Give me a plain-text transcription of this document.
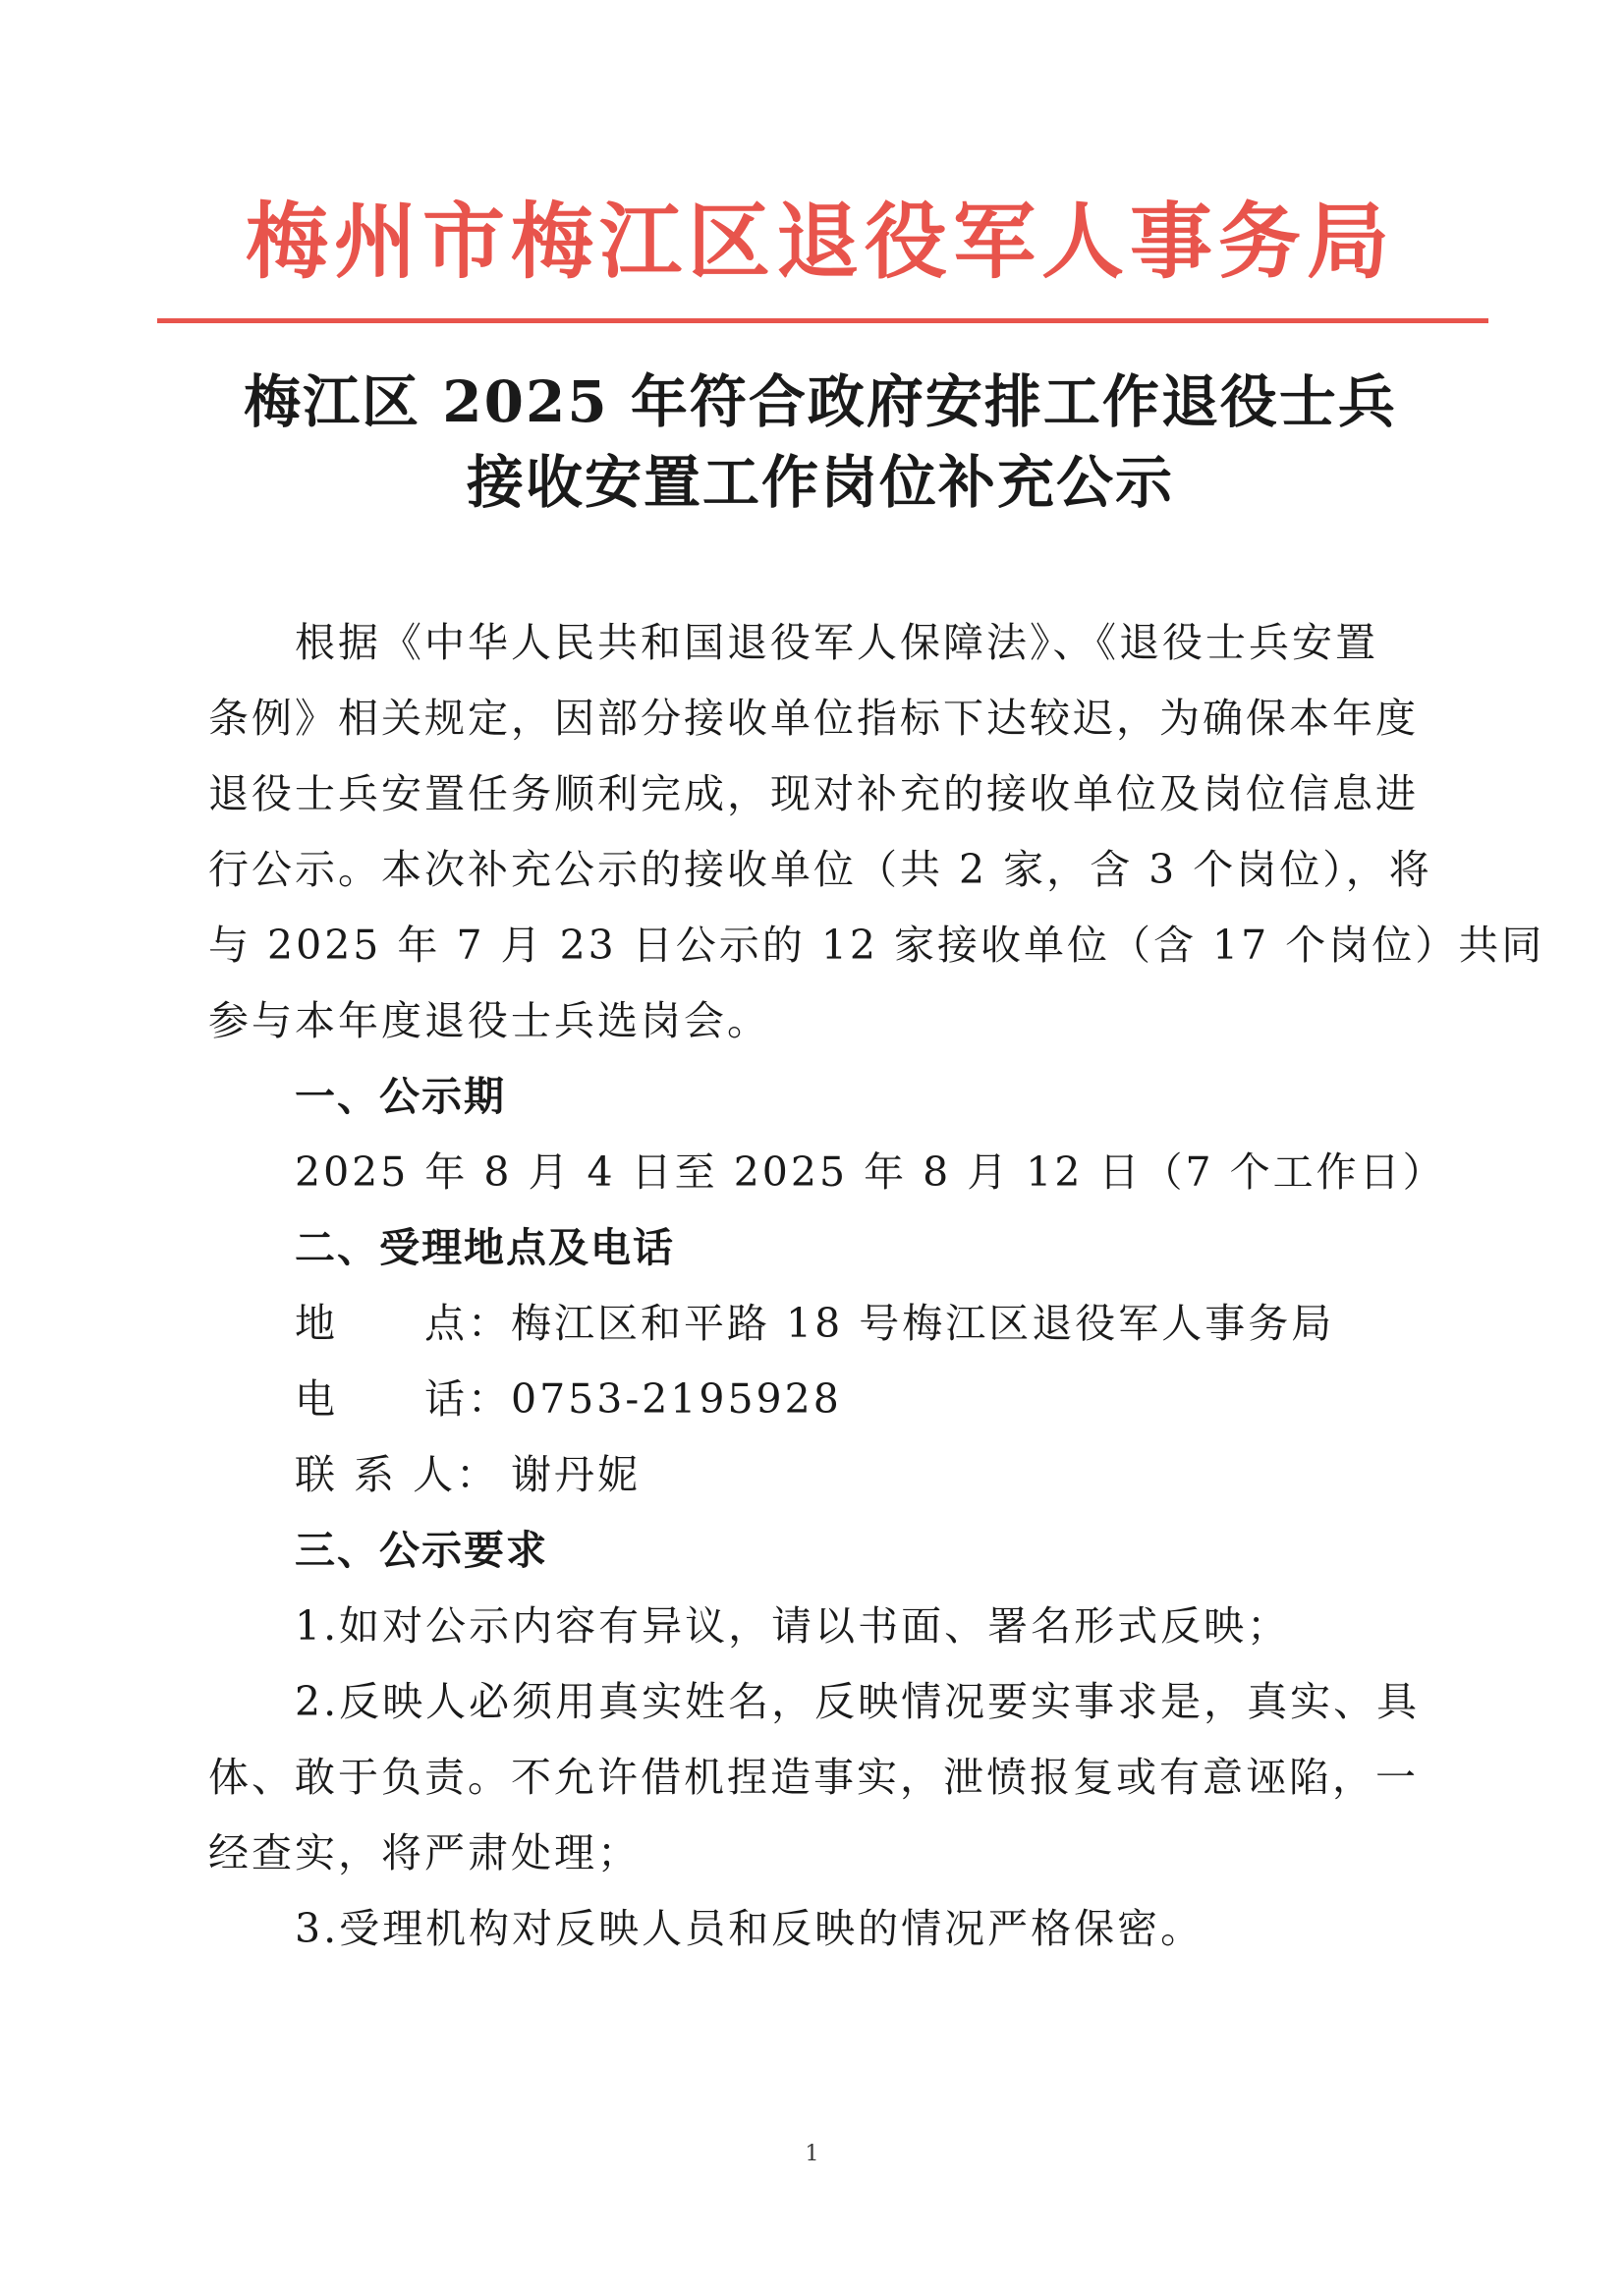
梅州市梅江区退役军人事务局
梅江区 2025 年符合政府安排工作退役士兵
接收安置工作岗位补充公示
根据《中华人民共和国退役军人保障法》、《退役士兵安置
条例》相关规定，因部分接收单位指标下达较迟，为确保本年度
退役士兵安置任务顺利完成，现对补充的接收单位及岗位信息进
行公示。本次补充公示的接收单位（共 2 家，含 3 个岗位），将
与 2025 年 7 月 23 日公示的 12 家接收单位（含 17 个岗位）共同
参与本年度退役士兵选岗会。
一、公示期
2025 年 8 月 4 日至 2025 年 8 月 12 日（7 个工作日）
二、受理地点及电话
地　　点：梅江区和平路 18 号梅江区退役军人事务局
电　　话：0753-2195928
联 系 人： 谢丹妮
三、公示要求
1.如对公示内容有异议，请以书面、署名形式反映；
2.反映人必须用真实姓名，反映情况要实事求是，真实、具
体、敢于负责。不允许借机捏造事实，泄愤报复或有意诬陷，一
经查实，将严肃处理；
3.受理机构对反映人员和反映的情况严格保密。
1
